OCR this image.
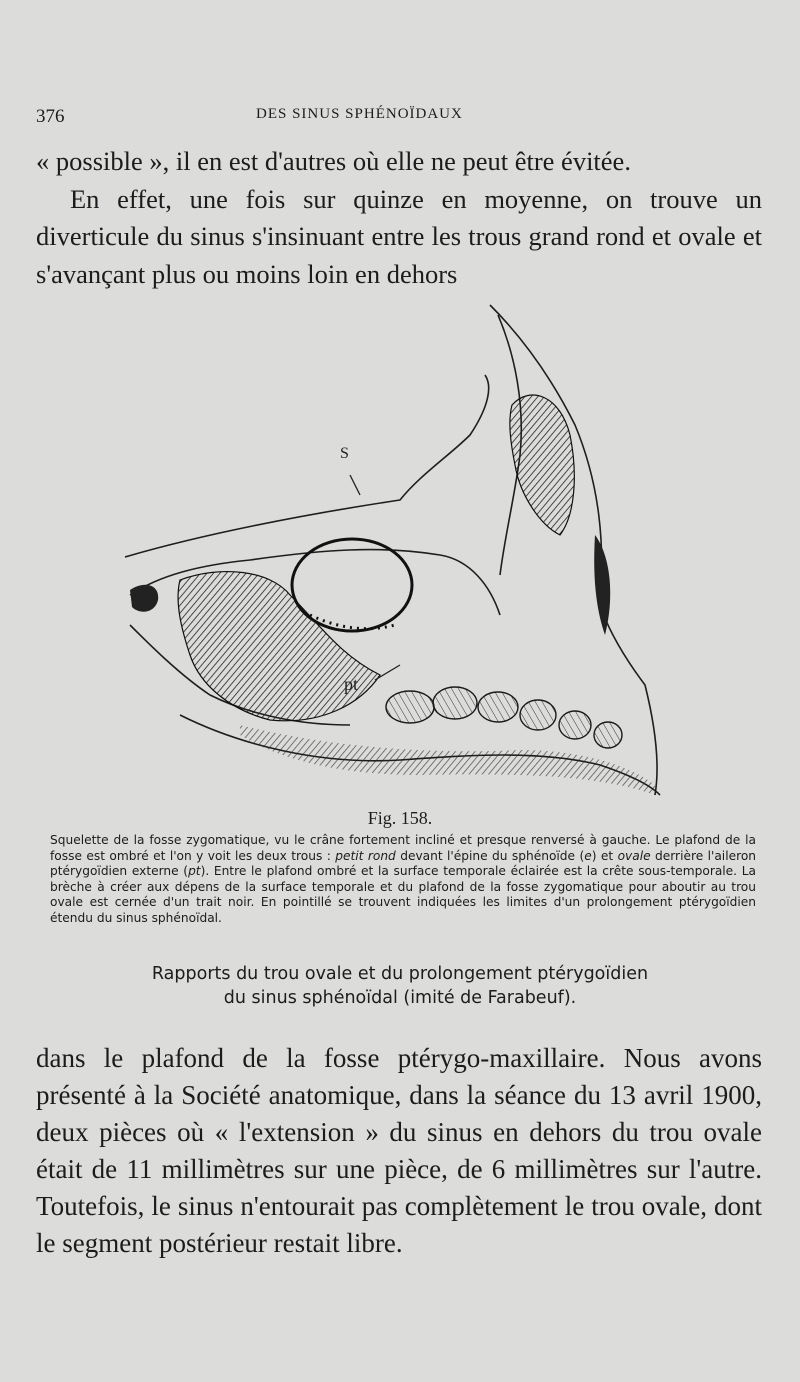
376	DES SINUS SPHÉNOÏDAUX

« possible », il en est d'autres où elle ne peut être évitée.

En effet, une fois sur quinze en moyenne, on trouve un diverticule du sinus s'insinuant entre les trous grand rond et ovale et s'avançant plus ou moins loin en dehors

S
pt
Fig. 158.
Squelette de la fosse zygomatique, vu le crâne fortement incliné et presque renversé à gauche. Le plafond de la fosse est ombré et l'on y voit les deux trous : petit rond devant l'épine du sphénoïde (e) et ovale derrière l'aileron ptérygoïdien externe (pt). Entre le plafond ombré et la surface temporale éclairée est la crête sous-temporale. La brèche à créer aux dépens de la surface temporale et du plafond de la fosse zygomatique pour aboutir au trou ovale est cernée d'un trait noir. En pointillé se trouvent indiquées les limites d'un prolongement ptérygoïdien étendu du sinus sphénoïdal.
Rapports du trou ovale et du prolongement ptérygoïdien
du sinus sphénoïdal (imité de Farabeuf).

dans le plafond de la fosse ptérygo-maxillaire. Nous avons présenté à la Société anatomique, dans la séance du 13 avril 1900, deux pièces où « l'extension » du sinus en dehors du trou ovale était de 11 millimètres sur une pièce, de 6 millimètres sur l'autre. Toutefois, le sinus n'entourait pas complètement le trou ovale, dont le segment postérieur restait libre.
